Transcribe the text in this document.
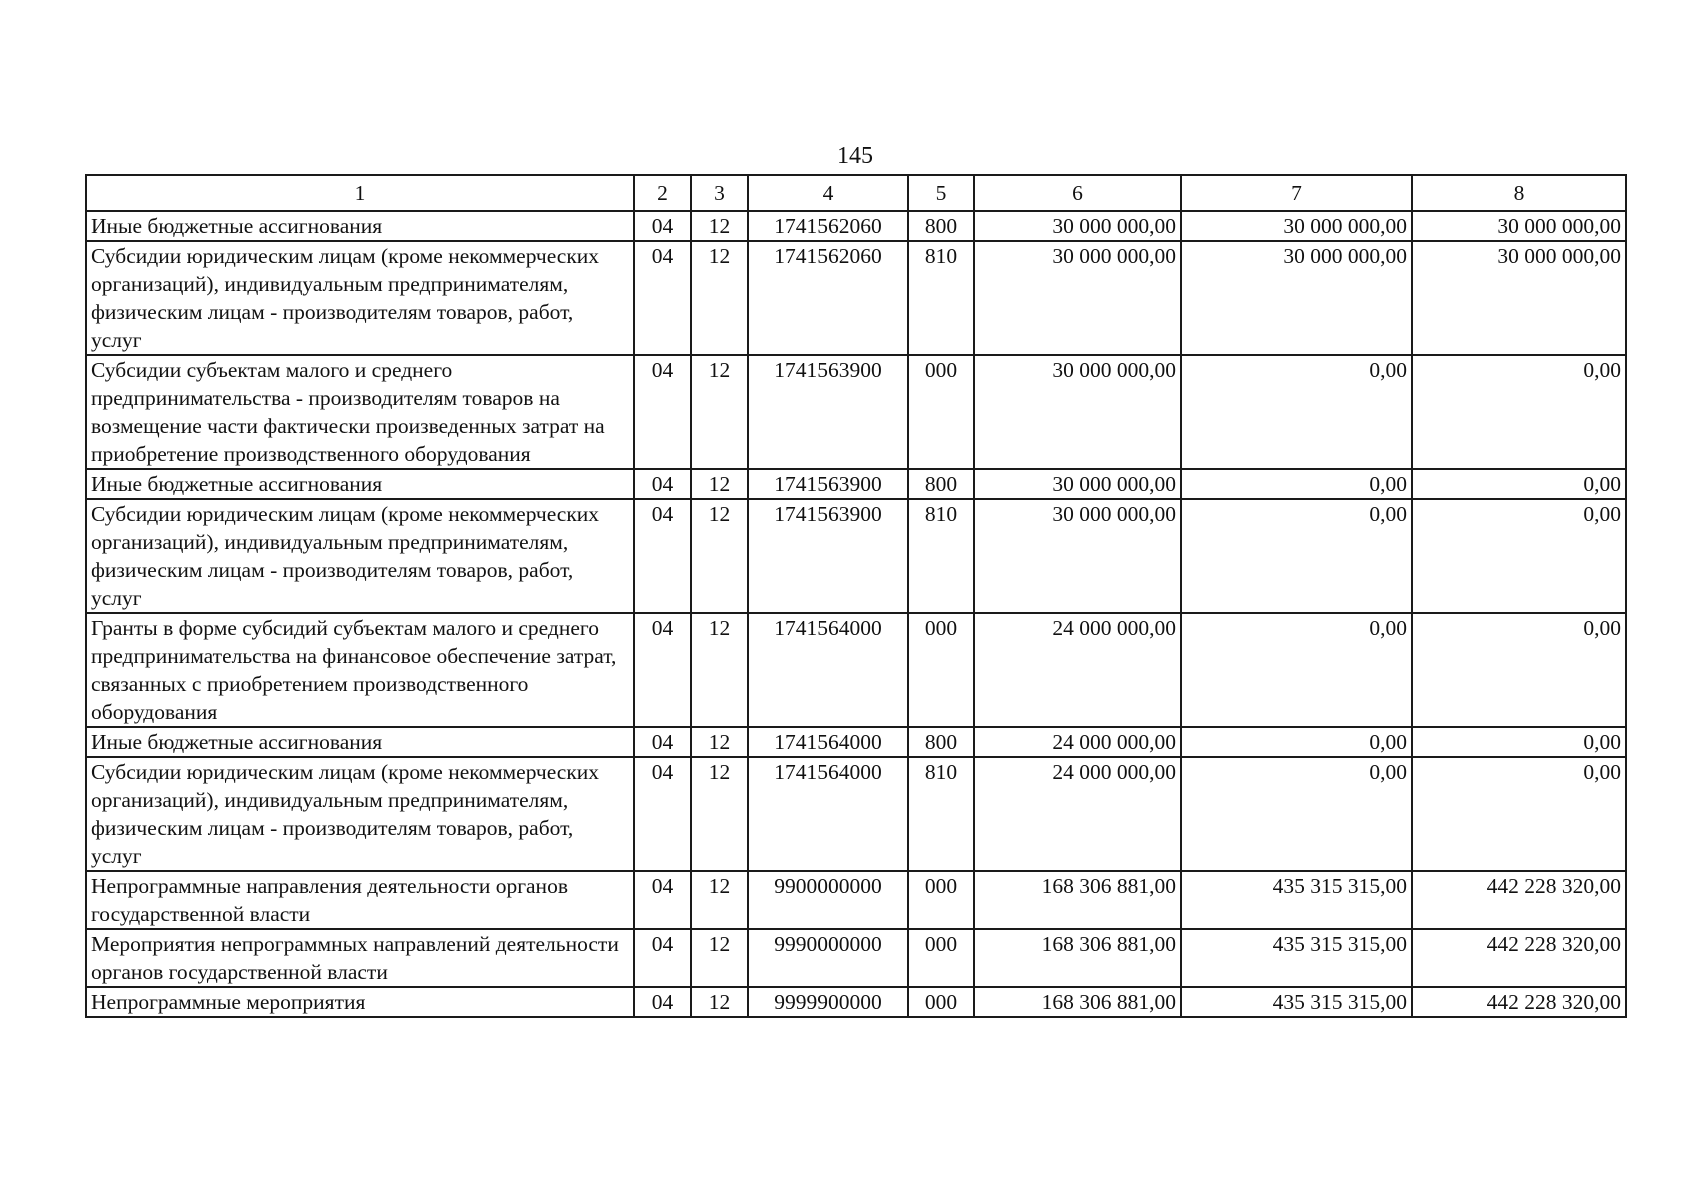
145
1	2	3	4	5	6	7	8
Иные бюджетные ассигнования	04	12	1741562060	800	30 000 000,00	30 000 000,00	30 000 000,00
Субсидии юридическим лицам (кроме некоммерческих организаций), индивидуальным предпринимателям, физическим лицам - производителям товаров, работ, услуг	04	12	1741562060	810	30 000 000,00	30 000 000,00	30 000 000,00
Субсидии субъектам малого и среднего предпринимательства - производителям товаров на возмещение части фактически произведенных затрат на приобретение производственного оборудования	04	12	1741563900	000	30 000 000,00	0,00	0,00
Иные бюджетные ассигнования	04	12	1741563900	800	30 000 000,00	0,00	0,00
Субсидии юридическим лицам (кроме некоммерческих организаций), индивидуальным предпринимателям, физическим лицам - производителям товаров, работ, услуг	04	12	1741563900	810	30 000 000,00	0,00	0,00
Гранты в форме субсидий субъектам малого и среднего предпринимательства на финансовое обеспечение затрат, связанных с приобретением производственного оборудования	04	12	1741564000	000	24 000 000,00	0,00	0,00
Иные бюджетные ассигнования	04	12	1741564000	800	24 000 000,00	0,00	0,00
Субсидии юридическим лицам (кроме некоммерческих организаций), индивидуальным предпринимателям, физическим лицам - производителям товаров, работ, услуг	04	12	1741564000	810	24 000 000,00	0,00	0,00
Непрограммные направления деятельности органов государственной власти	04	12	9900000000	000	168 306 881,00	435 315 315,00	442 228 320,00
Мероприятия непрограммных направлений деятельности органов государственной власти	04	12	9990000000	000	168 306 881,00	435 315 315,00	442 228 320,00
Непрограммные мероприятия	04	12	9999900000	000	168 306 881,00	435 315 315,00	442 228 320,00
